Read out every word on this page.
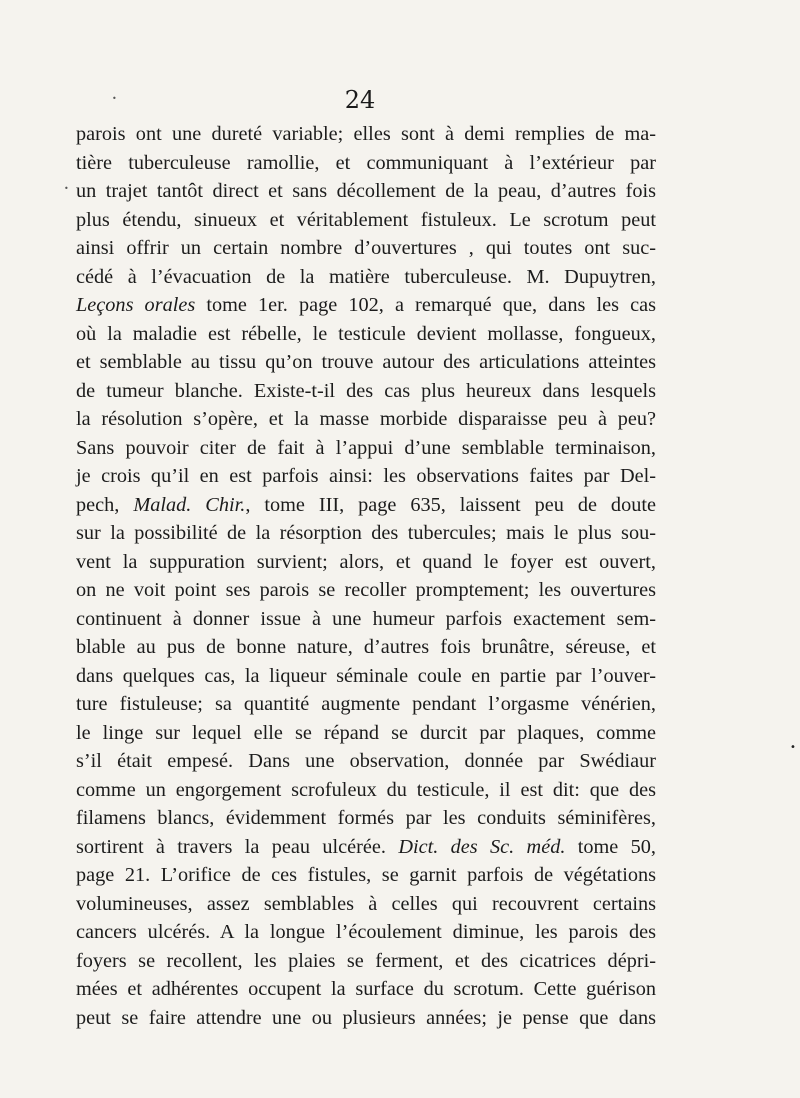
24
parois ont une dureté variable; elles sont à demi remplies de ma-
tière tuberculeuse ramollie, et communiquant à l’extérieur par
un trajet tantôt direct et sans décollement de la peau, d’autres fois
plus étendu, sinueux et véritablement fistuleux. Le scrotum peut
ainsi offrir un certain nombre d’ouvertures , qui toutes ont suc-
cédé à l’évacuation de la matière tuberculeuse. M. Dupuytren,
Leçons orales tome 1er. page 102, a remarqué que, dans les cas
où la maladie est rébelle, le testicule devient mollasse, fongueux,
et semblable au tissu qu’on trouve autour des articulations atteintes
de tumeur blanche. Existe-t-il des cas plus heureux dans lesquels
la résolution s’opère, et la masse morbide disparaisse peu à peu?
Sans pouvoir citer de fait à l’appui d’une semblable terminaison,
je crois qu’il en est parfois ainsi: les observations faites par Del-
pech, Malad. Chir., tome III, page 635, laissent peu de doute
sur la possibilité de la résorption des tubercules; mais le plus sou-
vent la suppuration survient; alors, et quand le foyer est ouvert,
on ne voit point ses parois se recoller promptement; les ouvertures
continuent à donner issue à une humeur parfois exactement sem-
blable au pus de bonne nature, d’autres fois brunâtre, séreuse, et
dans quelques cas, la liqueur séminale coule en partie par l’ouver-
ture fistuleuse; sa quantité augmente pendant l’orgasme vénérien,
le linge sur lequel elle se répand se durcit par plaques, comme
s’il était empesé. Dans une observation, donnée par Swédiaur
comme un engorgement scrofuleux du testicule, il est dit: que des
filamens blancs, évidemment formés par les conduits séminifères,
sortirent à travers la peau ulcérée. Dict. des Sc. méd. tome 50,
page 21. L’orifice de ces fistules, se garnit parfois de végétations
volumineuses, assez semblables à celles qui recouvrent certains
cancers ulcérés. A la longue l’écoulement diminue, les parois des
foyers se recollent, les plaies se ferment, et des cicatrices dépri-
mées et adhérentes occupent la surface du scrotum. Cette guérison
peut se faire attendre une ou plusieurs années; je pense que dans
•
•
•
